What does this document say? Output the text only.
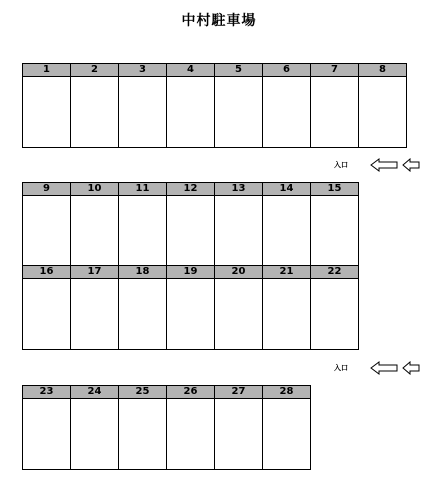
中村駐車場
1	2	3	4	5	6	7	8
9	10	11	12	13	14	15
16	17	18	19	20	21	22
23	24	25	26	27	28
入口
入口
